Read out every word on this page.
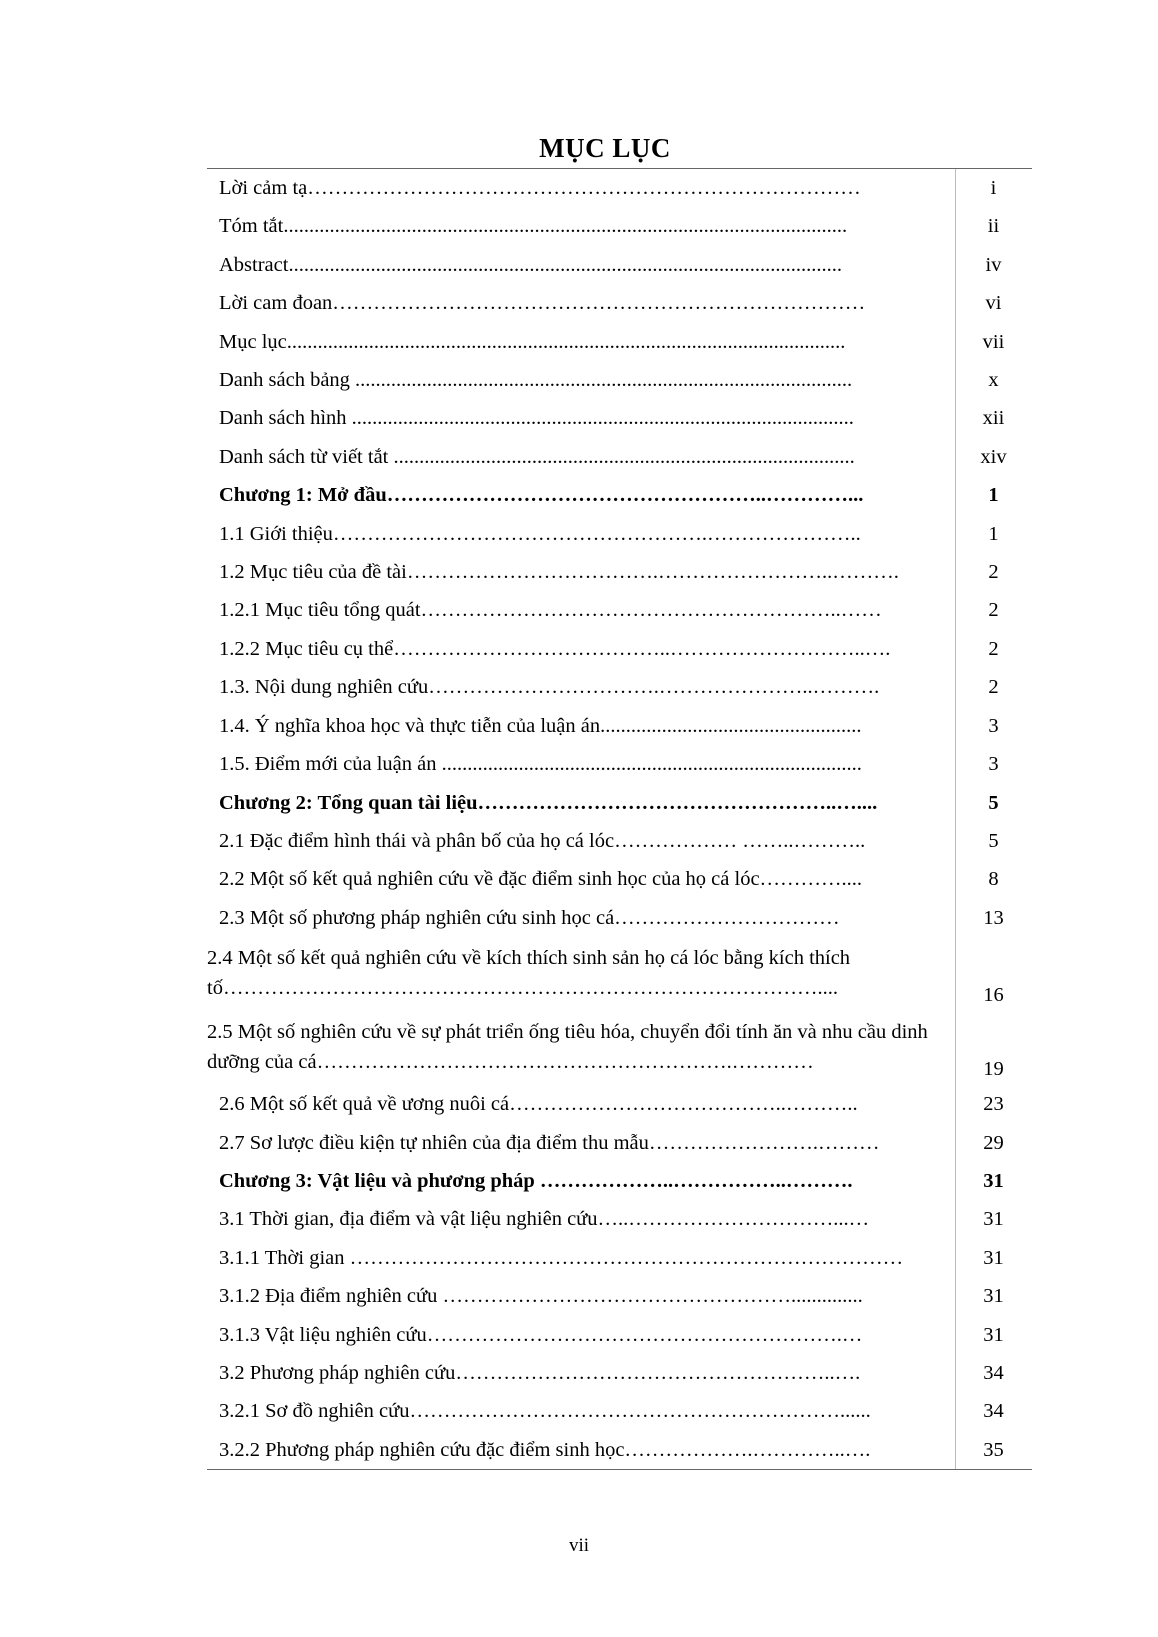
MỤC LỤC
Lời cảm tạ………………………………………………………………………	i
Tóm tắt..............................................................................................................	ii
Abstract............................................................................................................	iv
Lời cam đoan……………………………………………………………………	vi
Mục lục.............................................................................................................	vii
Danh sách bảng .................................................................................................	x
Danh sách hình ..................................................................................................	xii
Danh sách từ viết tắt ..........................................................................................	xiv
Chương 1: Mở đầu………………………………………………..…………...	1
1.1 Giới thiệu……………………………………………….…………………..	1
1.2 Mục tiêu của đề tài……………………………….……………………..……….	2
1.2.1 Mục tiêu tổng quát……………………………………………………..……	2
1.2.2 Mục tiêu cụ thể…………………………………..………………………..….	2
1.3. Nội dung nghiên cứu…………………………….…………………..……….	2
1.4. Ý nghĩa khoa học và thực tiễn của luận án...................................................	3
1.5. Điểm mới của luận án ..................................................................................	3
Chương 2: Tổng quan tài liệu……………………………………………..…....	5
2.1 Đặc điểm hình thái và phân bố của họ cá lóc……………… ……..………..	5
2.2 Một số kết quả nghiên cứu về đặc điểm sinh học của họ cá lóc…………....	8
2.3 Một số phương pháp nghiên cứu sinh học cá……………………………	13
2.4 Một số kết quả nghiên cứu về kích thích sinh sản họ cá lóc bằng kích thích tố……………………………………………………………………………....	16
2.5 Một số nghiên cứu về sự phát triển ống tiêu hóa, chuyển đổi tính ăn và nhu cầu dinh dưỡng của cá…………………………………………………….…………	19
2.6 Một số kết quả về ương nuôi cá…………………………………..………..	23
2.7 Sơ lược điều kiện tự nhiên của địa điểm thu mẫu…………………….………	29
Chương 3: Vật liệu và phương pháp ………………..……………..……….	31
3.1 Thời gian, địa điểm và vật liệu nghiên cứu…..…………………………...…	31
3.1.1 Thời gian ………………………………………………………………………	31
3.1.2 Địa điểm nghiên cứu ……………………………………………..............	31
3.1.3 Vật liệu nghiên cứu…………………………………………………….…	31
3.2 Phương pháp nghiên cứu………………………………………………..….	34
3.2.1 Sơ đồ nghiên cứu………………………………………………………......	34
3.2.2 Phương pháp nghiên cứu đặc điểm sinh học……………….…………..….	35
vii
